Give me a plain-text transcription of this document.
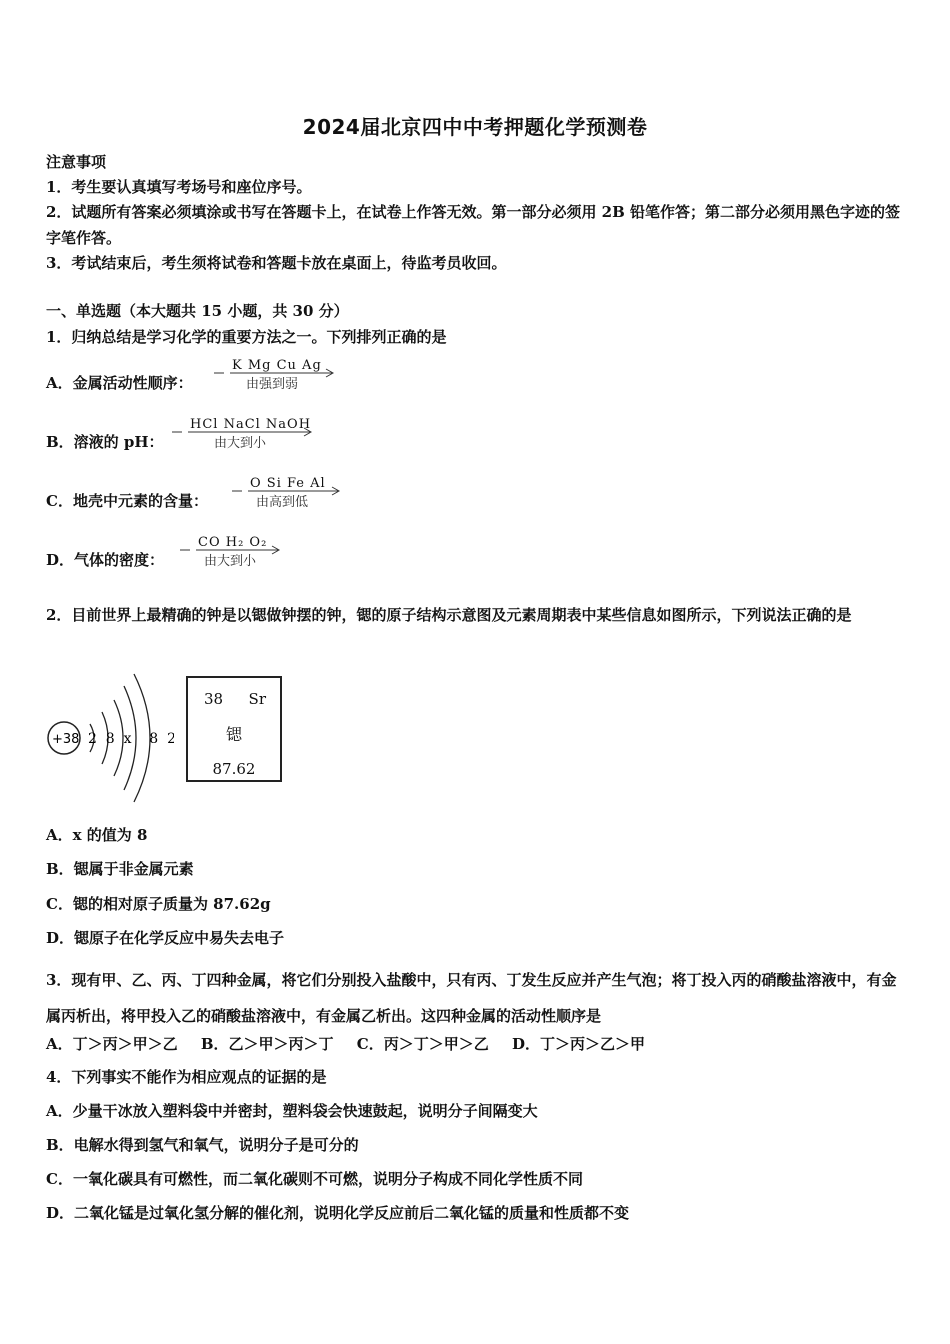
2024届北京四中中考押题化学预测卷
注意事项
1．考生要认真填写考场号和座位序号。
2．试题所有答案必须填涂或书写在答题卡上，在试卷上作答无效。第一部分必须用 2B 铅笔作答；第二部分必须用黑色字迹的签字笔作答。
3．考试结束后，考生须将试卷和答题卡放在桌面上，待监考员收回。
一、单选题（本大题共 15 小题，共 30 分）
1．归纳总结是学习化学的重要方法之一。下列排列正确的是
A．金属活动性顺序：
K Mg Cu Ag
由强到弱
B．溶液的 pH：
HCl NaCl NaOH
由大到小
C．地壳中元素的含量：
O Si Fe Al
由高到低
D．气体的密度：
CO H₂ O₂
由大到小
2．目前世界上最精确的钟是以锶做钟摆的钟，锶的原子结构示意图及元素周期表中某些信息如图所示，下列说法正确的是
+38 2  8  x    8  2
38 Sr
锶
87.62
A．x 的值为 8
B．锶属于非金属元素
C．锶的相对原子质量为 87.62g
D．锶原子在化学反应中易失去电子
3．现有甲、乙、丙、丁四种金属，将它们分别投入盐酸中，只有丙、丁发生反应并产生气泡；将丁投入丙的硝酸盐溶液中，有金属丙析出，将甲投入乙的硝酸盐溶液中，有金属乙析出。这四种金属的活动性顺序是
A．丁＞丙＞甲＞乙 B．乙＞甲＞丙＞丁 C．丙＞丁＞甲＞乙 D．丁＞丙＞乙＞甲
4．下列事实不能作为相应观点的证据的是
A．少量干冰放入塑料袋中并密封，塑料袋会快速鼓起，说明分子间隔变大
B．电解水得到氢气和氧气，说明分子是可分的
C．一氧化碳具有可燃性，而二氧化碳则不可燃，说明分子构成不同化学性质不同
D．二氧化锰是过氧化氢分解的催化剂，说明化学反应前后二氧化锰的质量和性质都不变
